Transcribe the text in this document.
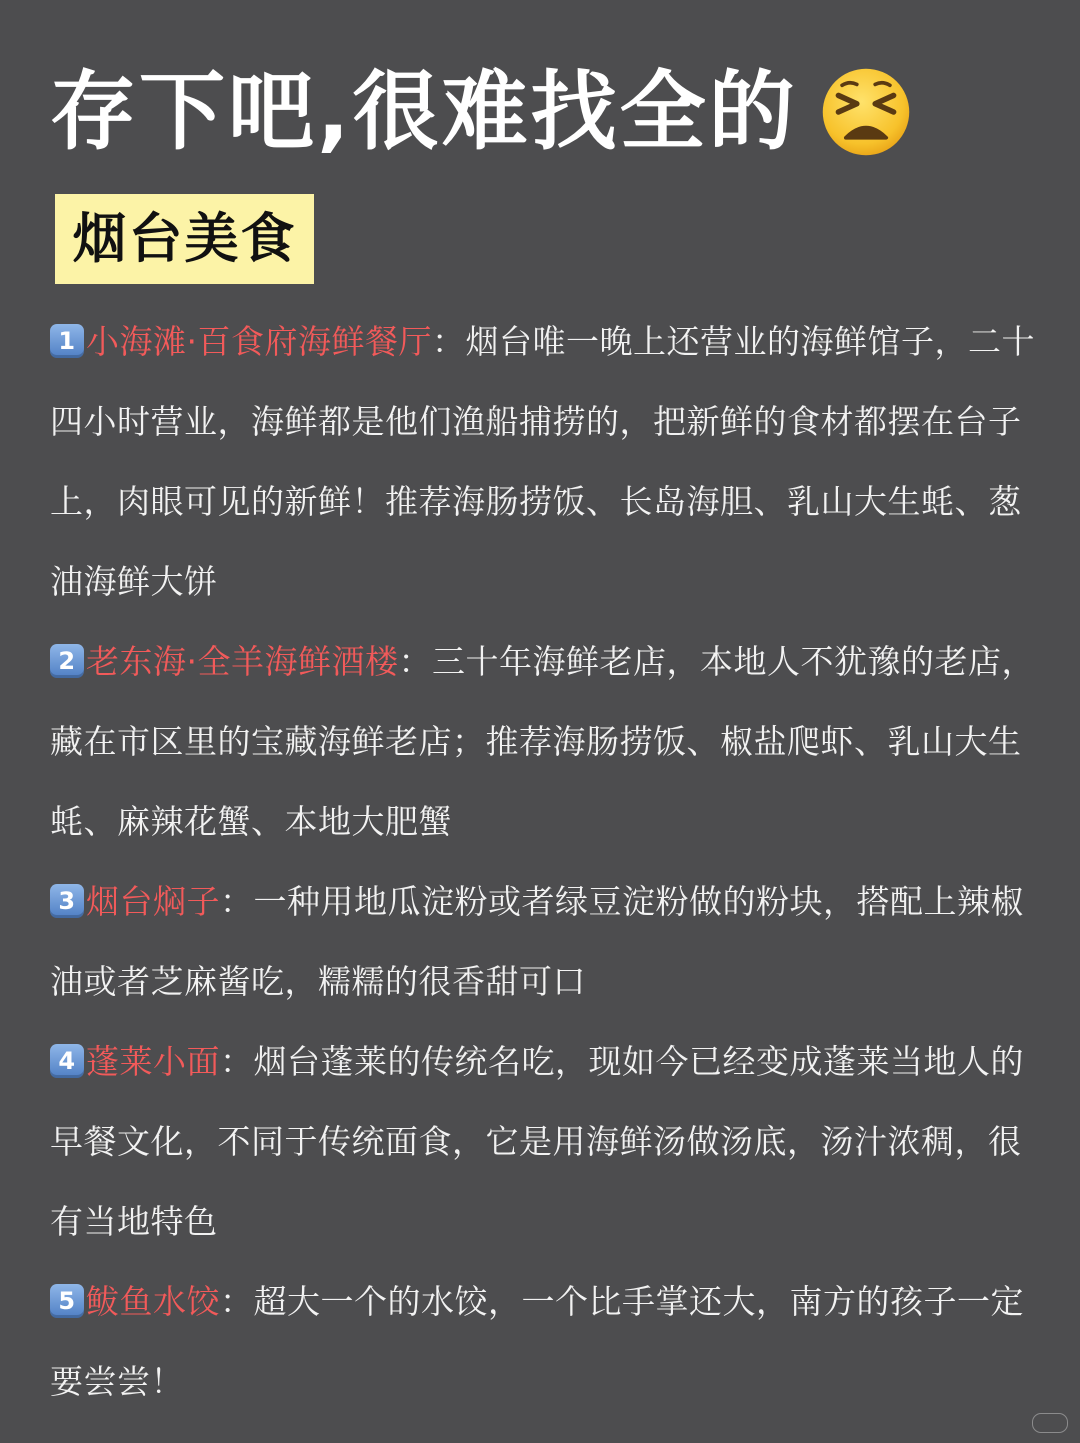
存下吧,很难找全的
烟台美食
1 小海滩·百食府海鲜餐厅：烟台唯一晚上还营业的海鲜馆子，二十四小时营业，海鲜都是他们渔船捕捞的，把新鲜的食材都摆在台子上，肉眼可见的新鲜！推荐海肠捞饭、长岛海胆、乳山大生蚝、葱油海鲜大饼
2 老东海·全羊海鲜酒楼：三十年海鲜老店，本地人不犹豫的老店，藏在市区里的宝藏海鲜老店；推荐海肠捞饭、椒盐爬虾、乳山大生蚝、麻辣花蟹、本地大肥蟹
3 烟台焖子：一种用地瓜淀粉或者绿豆淀粉做的粉块，搭配上辣椒油或者芝麻酱吃，糯糯的很香甜可口
4 蓬莱小面：烟台蓬莱的传统名吃，现如今已经变成蓬莱当地人的早餐文化，不同于传统面食，它是用海鲜汤做汤底，汤汁浓稠，很有当地特色
5 鲅鱼水饺：超大一个的水饺，一个比手掌还大，南方的孩子一定要尝尝！
